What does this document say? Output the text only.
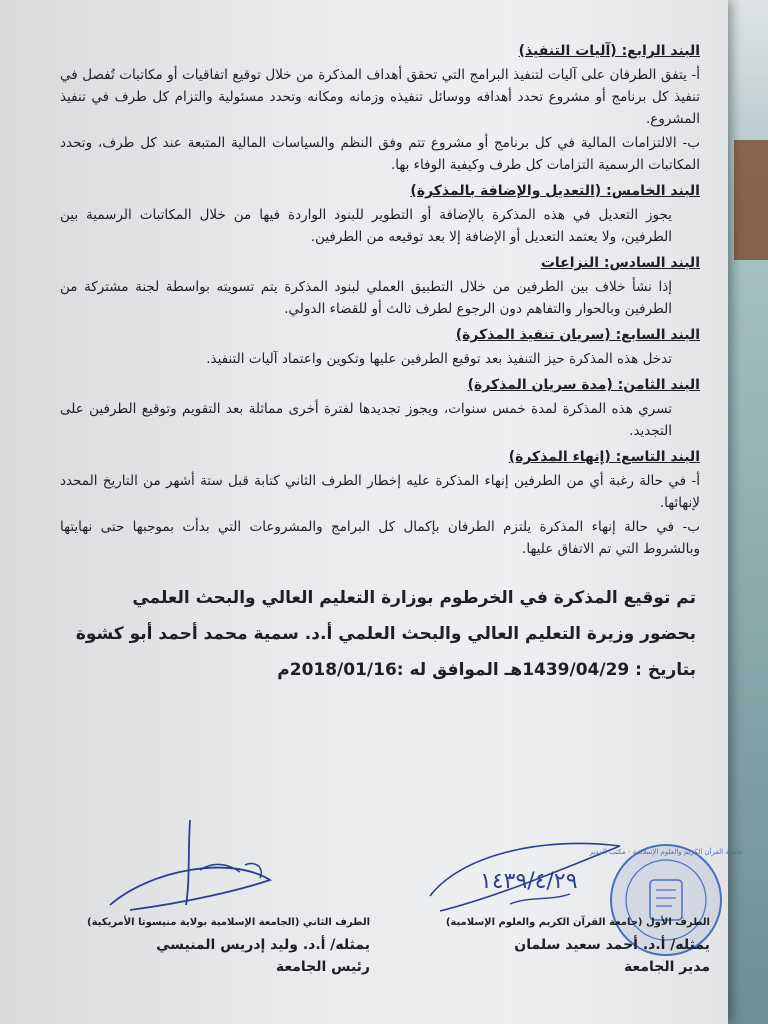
البند الرابع: (آليات التنفيذ)
أ- يتفق الطرفان على آليات لتنفيذ البرامج التي تحقق أهداف المذكرة من خلال توقيع اتفاقيات أو مكاتبات تُفصل في تنفيذ كل برنامج أو مشروع تحدد أهدافه ووسائل تنفيذه وزمانه ومكانه وتحدد مسئولية والتزام كل طرف في تنفيذ المشروع.
ب- الالتزامات المالية في كل برنامج أو مشروع تتم وفق النظم والسياسات المالية المتبعة عند كل طرف، وتحدد المكاتبات الرسمية التزامات كل طرف وكيفية الوفاء بها.
البند الخامس: (التعديل والإضافة بالمذكرة)
يجوز التعديل في هذه المذكرة بالإضافة أو التطوير للبنود الواردة فيها من خلال المكاتبات الرسمية بين الطرفين، ولا يعتمد التعديل أو الإضافة إلا بعد توقيعه من الطرفين.
البند السادس: النزاعات
إذا نشأ خلاف بين الطرفين من خلال التطبيق العملي لبنود المذكرة يتم تسويته بواسطة لجنة مشتركة من الطرفين وبالحوار والتفاهم دون الرجوع لطرف ثالث أو للقضاء الدولي.
البند السابع: (سريان تنفيذ المذكرة)
تدخل هذه المذكرة حيز التنفيذ بعد توقيع الطرفين عليها وتكوين واعتماد آليات التنفيذ.
البند الثامن: (مدة سريان المذكرة)
تسري هذه المذكرة لمدة خمس سنوات، ويجوز تجديدها لفترة أخرى مماثلة بعد التقويم وتوقيع الطرفين على التجديد.
البند التاسع: (إنهاء المذكرة)
أ- في حالة رغبة أي من الطرفين إنهاء المذكرة عليه إخطار الطرف الثاني كتابة قبل ستة أشهر من التاريخ المحدد لإنهائها.
ب- في حالة إنهاء المذكرة يلتزم الطرفان بإكمال كل البرامج والمشروعات التي بدأت بموجبها حتى نهايتها وبالشروط التي تم الاتفاق عليها.
تم توقيع المذكرة في الخرطوم بوزارة التعليم العالي والبحث العلمي
بحضور وزيرة التعليم العالي والبحث العلمي أ.د. سمية محمد أحمد أبو كشوة
بتاريخ : 1439/04/29هـ الموافق له :2018/01/16م
١٤٣٩/٤/٢٩
جامعة القرآن الكريم والعلوم الإسلامية - مكتب المدير
الطرف الأول (جامعة القرآن الكريم والعلوم الإسلامية)
يمثله/ أ.د. أحمد سعيد سلمان
مدير الجامعة
الطرف الثاني (الجامعة الإسلامية بولاية منيسوتا الأمريكية)
يمثله/ أ.د. وليد إدريس المنيسي
رئيس الجامعة
